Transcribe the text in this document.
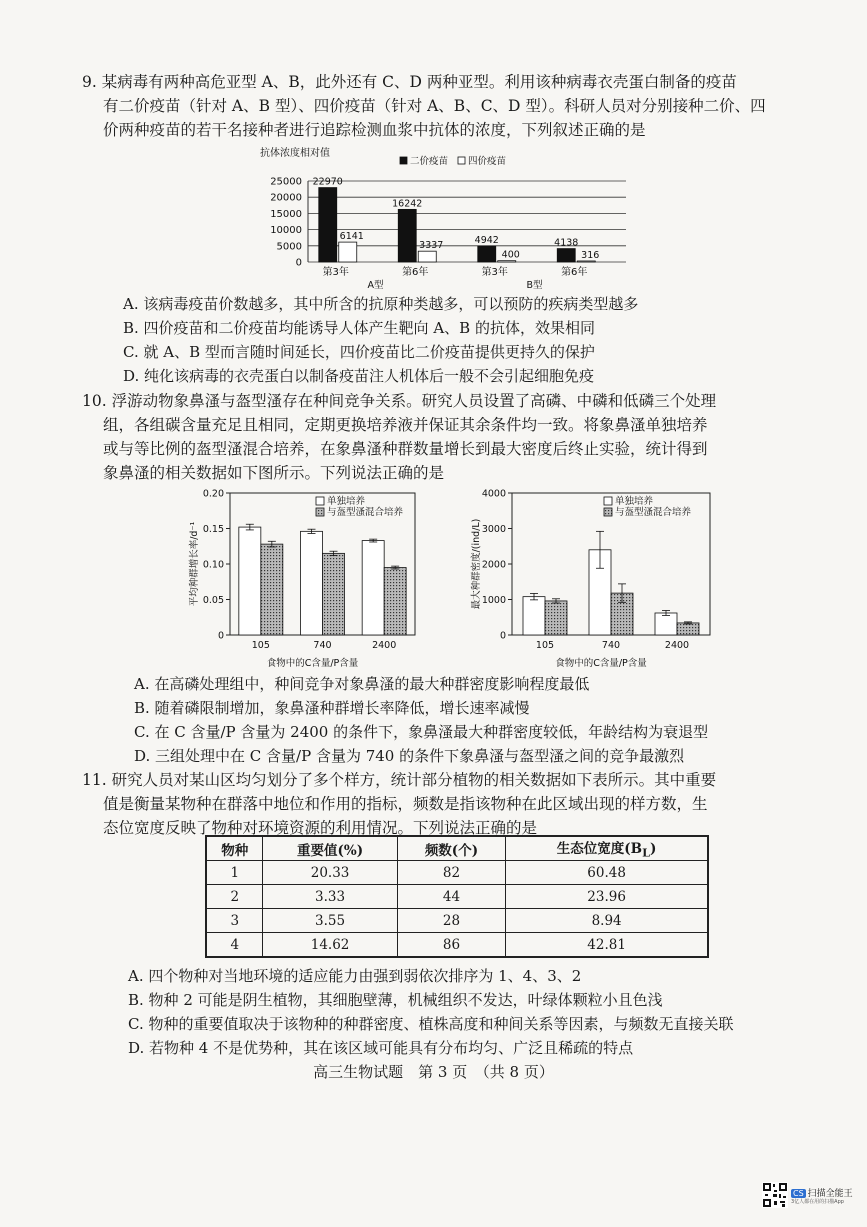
9. 某病毒有两种高危亚型 A、B，此外还有 C、D 两种亚型。利用该种病毒衣壳蛋白制备的疫苗
有二价疫苗（针对 A、B 型）、四价疫苗（针对 A、B、C、D 型）。科研人员对分别接种二价、四
价两种疫苗的若干名接种者进行追踪检测血浆中抗体的浓度，下列叙述正确的是
抗体浓度相对值
0
5000
10000
15000
20000
25000
二价疫苗 四价疫苗
22970
6141
第3年
16242
3337
第6年
4942
400
第3年
4138
316
第6年
A型	B型
A. 该病毒疫苗价数越多，其中所含的抗原种类越多，可以预防的疾病类型越多
B. 四价疫苗和二价疫苗均能诱导人体产生靶向 A、B 的抗体，效果相同
C. 就 A、B 型而言随时间延长，四价疫苗比二价疫苗提供更持久的保护
D. 纯化该病毒的衣壳蛋白以制备疫苗注人机体后一般不会引起细胞免疫
10. 浮游动物象鼻溞与盔型溞存在种间竞争关系。研究人员设置了高磷、中磷和低磷三个处理
组，各组碳含量充足且相同，定期更换培养液并保证其余条件均一致。将象鼻溞单独培养
或与等比例的盔型溞混合培养，在象鼻溞种群数量增长到最大密度后终止实验，统计得到
象鼻溞的相关数据如下图所示。下列说法正确的是
0
0.05
0.10
0.15
0.20
平均种群增长率/d⁻¹
单独培养
与盔型溞混合培养
105	740	2400
食物中的C含量/P含量
0
1000
2000
3000
4000
最大种群密度/(ind/L)
单独培养
与盔型溞混合培养
105	740	2400
食物中的C含量/P含量
A. 在高磷处理组中，种间竞争对象鼻溞的最大种群密度影响程度最低
B. 随着磷限制增加，象鼻溞种群增长率降低，增长速率减慢
C. 在 C 含量/P 含量为 2400 的条件下，象鼻溞最大种群密度较低，年龄结构为衰退型
D. 三组处理中在 C 含量/P 含量为 740 的条件下象鼻溞与盔型溞之间的竞争最激烈
11. 研究人员对某山区均匀划分了多个样方，统计部分植物的相关数据如下表所示。其中重要
值是衡量某物种在群落中地位和作用的指标，频数是指该物种在此区域出现的样方数，生
态位宽度反映了物种对环境资源的利用情况。下列说法正确的是
物种	重要值(%)	频数(个)	生态位宽度$(B_L)$
1	20.33	82	60.48
2	3.33	44	23.96
3	3.55	28	8.94
4	14.62	86	42.81
A. 四个物种对当地环境的适应能力由强到弱依次排序为 1、4、3、2
B. 物种 2 可能是阴生植物，其细胞壁薄，机械组织不发达，叶绿体颗粒小且色浅
C. 物种的重要值取决于该物种的种群密度、植株高度和种间关系等因素，与频数无直接关联
D. 若物种 4 不是优势种，其在该区域可能具有分布均匀、广泛且稀疏的特点
高三生物试题　第 3 页　（共 8 页）
CS 扫描全能王
3亿人都在用的扫描App
